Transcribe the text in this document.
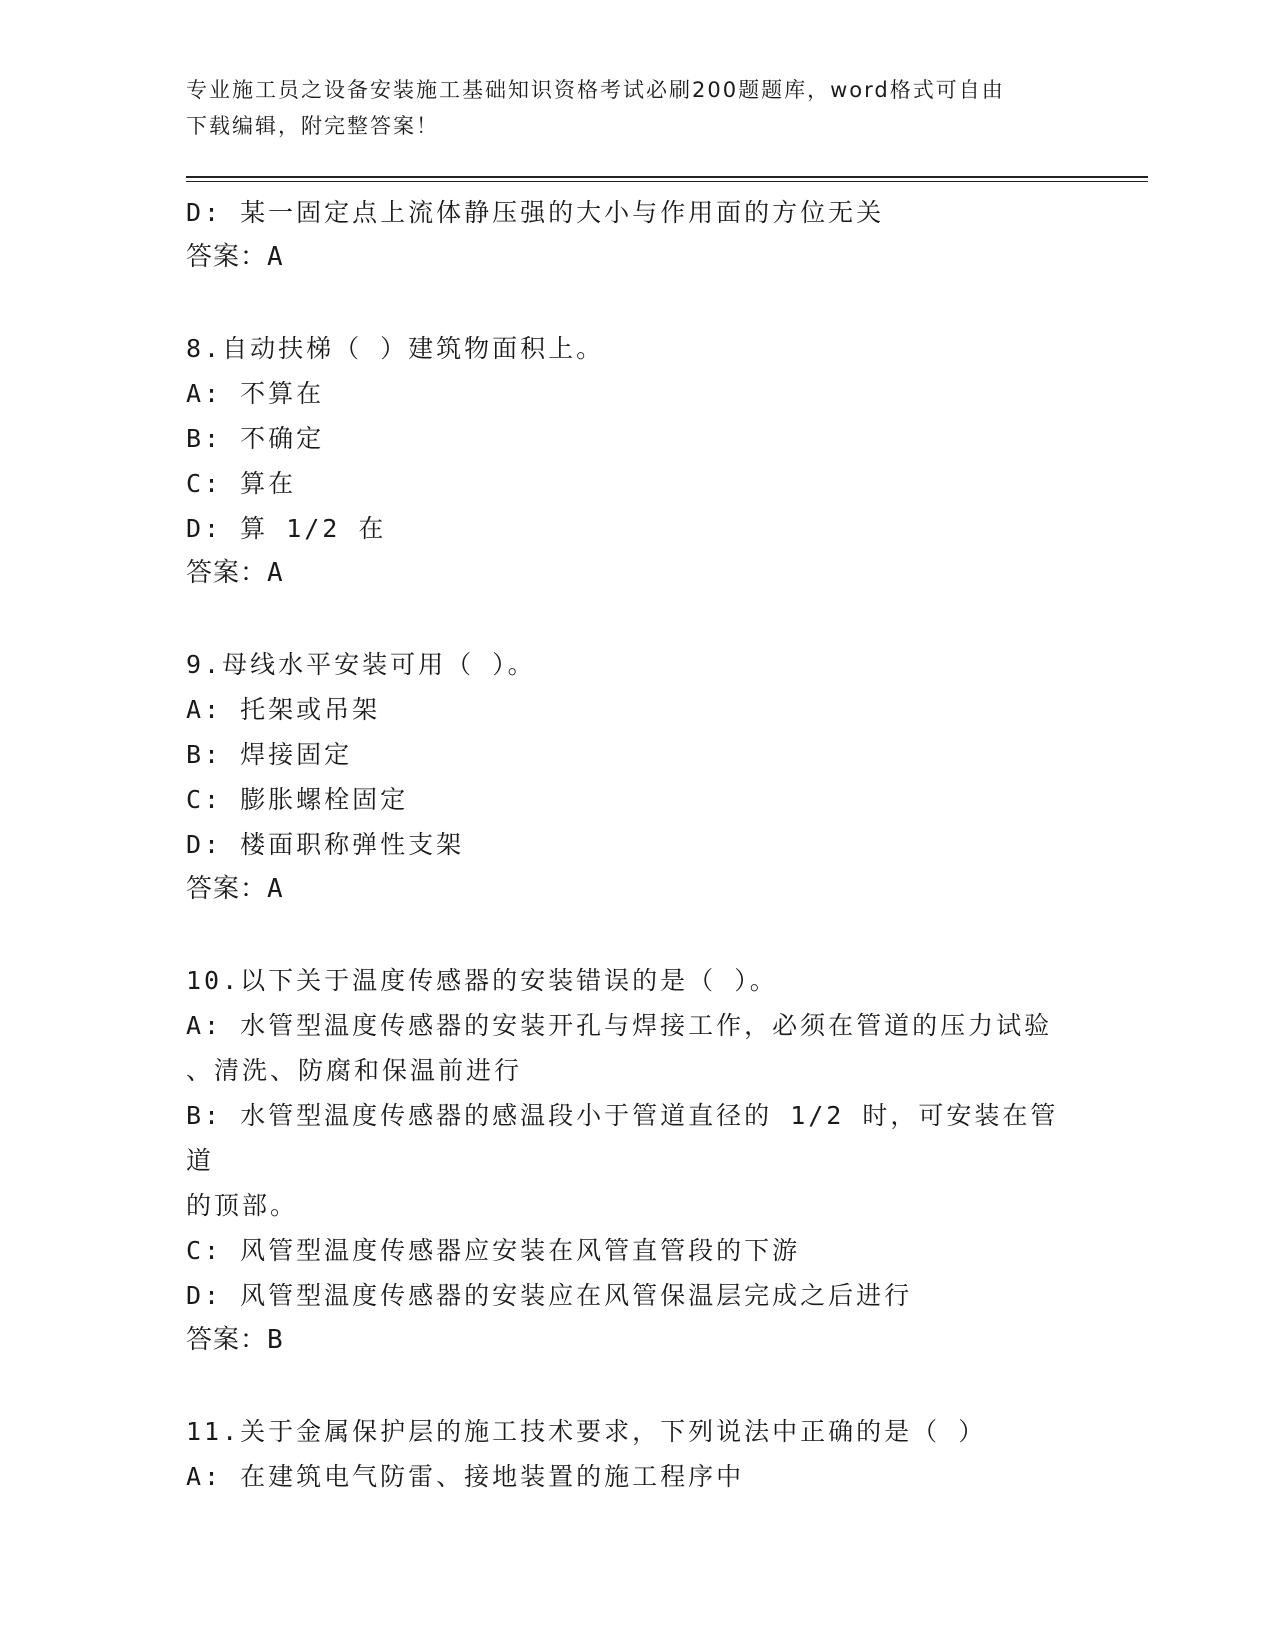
专业施工员之设备安装施工基础知识资格考试必刷200题题库，word格式可自由
下载编辑，附完整答案！
D: 某一固定点上流体静压强的大小与作用面的方位无关
答案：A
8.自动扶梯（ ）建筑物面积上。
A: 不算在
B: 不确定
C: 算在
D: 算 1/2 在
答案：A
9.母线水平安装可用（ ）。
A: 托架或吊架
B: 焊接固定
C: 膨胀螺栓固定
D: 楼面职称弹性支架
答案：A
10.以下关于温度传感器的安装错误的是（ ）。
A: 水管型温度传感器的安装开孔与焊接工作，必须在管道的压力试验
、清洗、防腐和保温前进行
B: 水管型温度传感器的感温段小于管道直径的 1/2 时，可安装在管道
的顶部。
C: 风管型温度传感器应安装在风管直管段的下游
D: 风管型温度传感器的安装应在风管保温层完成之后进行
答案：B
11.关于金属保护层的施工技术要求，下列说法中正确的是（ ）
A: 在建筑电气防雷、接地装置的施工程序中
